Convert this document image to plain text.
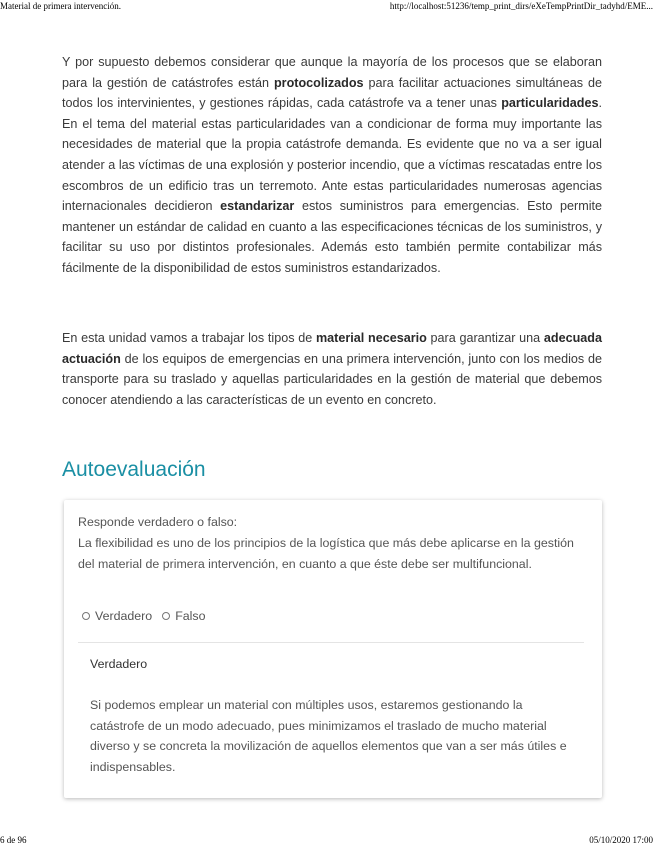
Material de primera intervención.	http://localhost:51236/temp_print_dirs/eXeTempPrintDir_tadyhd/EME...
Y por supuesto debemos considerar que aunque la mayoría de los procesos que se elaboran para la gestión de catástrofes están protocolizados para facilitar actuaciones simultáneas de todos los intervinientes, y gestiones rápidas, cada catástrofe va a tener unas particularidades. En el tema del material estas particularidades van a condicionar de forma muy importante las necesidades de material que la propia catástrofe demanda. Es evidente que no va a ser igual atender a las víctimas de una explosión y posterior incendio, que a víctimas rescatadas entre los escombros de un edificio tras un terremoto. Ante estas particularidades numerosas agencias internacionales decidieron estandarizar estos suministros para emergencias. Esto permite mantener un estándar de calidad en cuanto a las especificaciones técnicas de los suministros, y facilitar su uso por distintos profesionales. Además esto también permite contabilizar más fácilmente de la disponibilidad de estos suministros estandarizados.
En esta unidad vamos a trabajar los tipos de material necesario para garantizar una adecuada actuación de los equipos de emergencias en una primera intervención, junto con los medios de transporte para su traslado y aquellas particularidades en la gestión de material que debemos conocer atendiendo a las características de un evento en concreto.
Autoevaluación

Responde verdadero o falso:
La flexibilidad es uno de los principios de la logística que más debe aplicarse en la gestión del material de primera intervención, en cuanto a que éste debe ser multifuncional.

Verdadero Falso

Verdadero

Si podemos emplear un material con múltiples usos, estaremos gestionando la catástrofe de un modo adecuado, pues minimizamos el traslado de mucho material diverso y se concreta la movilización de aquellos elementos que van a ser más útiles e indispensables.

6 de 96	05/10/2020 17:00
